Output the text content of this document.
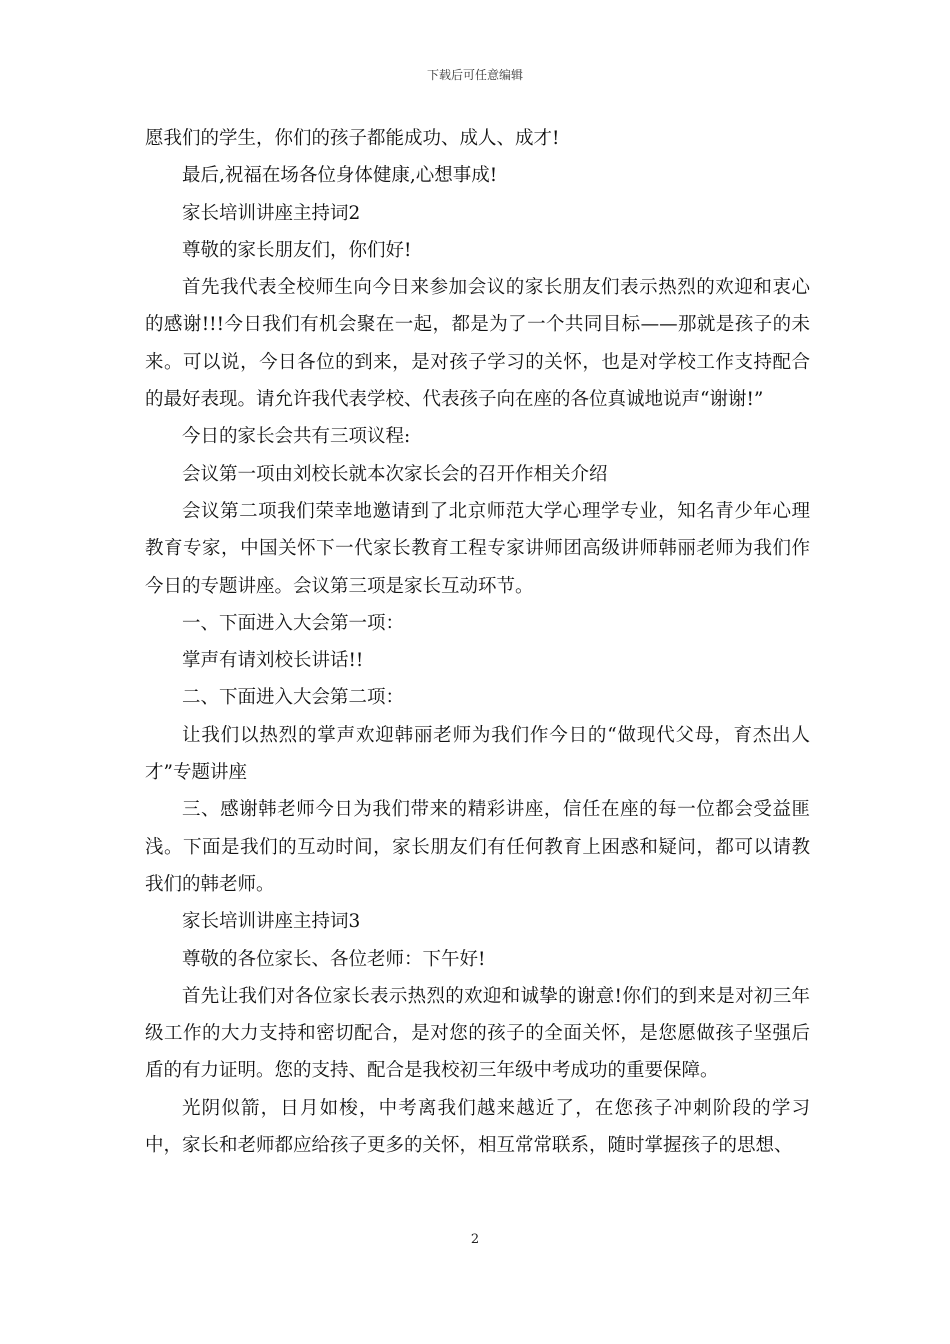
下载后可任意编辑

愿我们的学生，你们的孩子都能成功、成人、成才!

最后,祝福在场各位身体健康,心想事成!

家长培训讲座主持词2

尊敬的家长朋友们，你们好!

首先我代表全校师生向今日来参加会议的家长朋友们表示热烈的欢迎和衷心的感谢!!!今日我们有机会聚在一起，都是为了一个共同目标——那就是孩子的未来。可以说，今日各位的到来，是对孩子学习的关怀，也是对学校工作支持配合的最好表现。请允许我代表学校、代表孩子向在座的各位真诚地说声“谢谢!”

今日的家长会共有三项议程:

会议第一项由刘校长就本次家长会的召开作相关介绍

会议第二项我们荣幸地邀请到了北京师范大学心理学专业，知名青少年心理教育专家，中国关怀下一代家长教育工程专家讲师团高级讲师韩丽老师为我们作今日的专题讲座。会议第三项是家长互动环节。

一、下面进入大会第一项：

掌声有请刘校长讲话!!

二、下面进入大会第二项：

让我们以热烈的掌声欢迎韩丽老师为我们作今日的“做现代父母，育杰出人才”专题讲座

三、感谢韩老师今日为我们带来的精彩讲座，信任在座的每一位都会受益匪浅。下面是我们的互动时间，家长朋友们有任何教育上困惑和疑问，都可以请教我们的韩老师。

家长培训讲座主持词3

尊敬的各位家长、各位老师：下午好!

首先让我们对各位家长表示热烈的欢迎和诚挚的谢意!你们的到来是对初三年级工作的大力支持和密切配合，是对您的孩子的全面关怀，是您愿做孩子坚强后盾的有力证明。您的支持、配合是我校初三年级中考成功的重要保障。

光阴似箭，日月如梭，中考离我们越来越近了，在您孩子冲刺阶段的学习中，家长和老师都应给孩子更多的关怀，相互常常联系，随时掌握孩子的思想、

2
